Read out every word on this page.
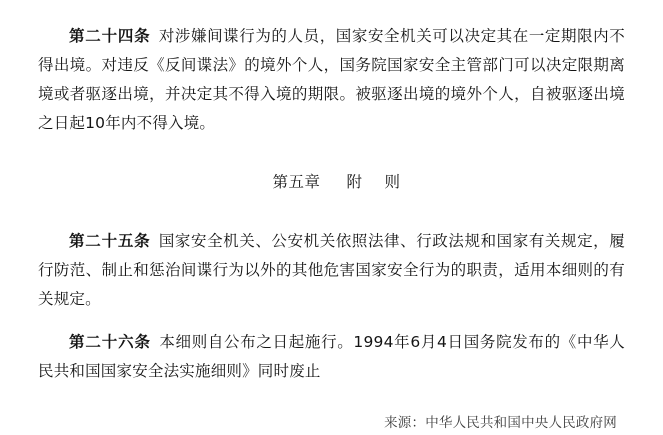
第二十四条 对涉嫌间谍行为的人员，国家安全机关可以决定其在一定期限内不得出境。对违反《反间谍法》的境外个人，国务院国家安全主管部门可以决定限期离境或者驱逐出境，并决定其不得入境的期限。被驱逐出境的境外个人，自被驱逐出境之日起10年内不得入境。

第五章 附 则

第二十五条 国家安全机关、公安机关依照法律、行政法规和国家有关规定，履行防范、制止和惩治间谍行为以外的其他危害国家安全行为的职责，适用本细则的有关规定。

第二十六条 本细则自公布之日起施行。1994年6月4日国务院发布的《中华人民共和国国家安全法实施细则》同时废止

来源：中华人民共和国中央人民政府网
